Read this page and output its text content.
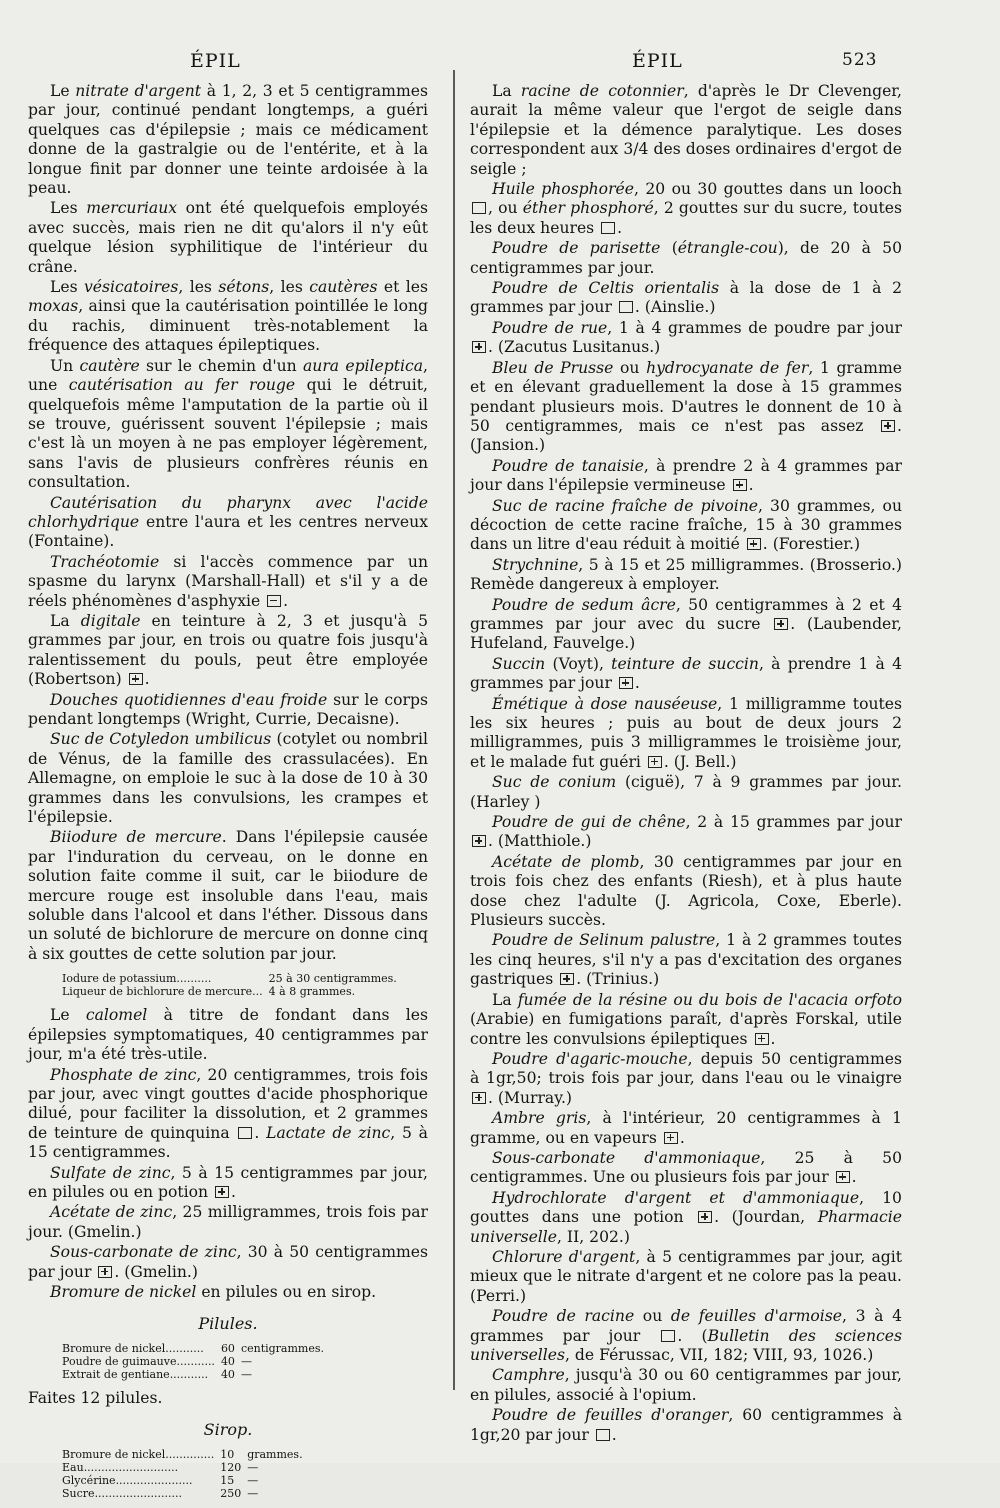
ÉPIL	ÉPIL	523

Le nitrate d'argent à 1, 2, 3 et 5 centigrammes par jour, continué pendant longtemps, a guéri quelques cas d'épilepsie ; mais ce médicament donne de la gastralgie ou de l'entérite, et à la longue finit par donner une teinte ardoisée à la peau.

Les mercuriaux ont été quelquefois employés avec succès, mais rien ne dit qu'alors il n'y eût quelque lésion syphilitique de l'intérieur du crâne.

Les vésicatoires, les sétons, les cautères et les moxas, ainsi que la cautérisation pointillée le long du rachis, diminuent très-notablement la fréquence des attaques épileptiques.

Un cautère sur le chemin d'un aura epileptica, une cautérisation au fer rouge qui le détruit, quelquefois même l'amputation de la partie où il se trouve, guérissent souvent l'épilepsie ; mais c'est là un moyen à ne pas employer légèrement, sans l'avis de plusieurs confrères réunis en consultation.

Cautérisation du pharynx avec l'acide chlorhydrique entre l'aura et les centres nerveux (Fontaine).

Trachéotomie si l'accès commence par un spasme du larynx (Marshall-Hall) et s'il y a de réels phénomènes d'asphyxie .

La digitale en teinture à 2, 3 et jusqu'à 5 grammes par jour, en trois ou quatre fois jusqu'à ralentissement du pouls, peut être employée (Robertson) .

Douches quotidiennes d'eau froide sur le corps pendant longtemps (Wright, Currie, Decaisne).

Suc de Cotyledon umbilicus (cotylet ou nombril de Vénus, de la famille des crassulacées). En Allemagne, on emploie le suc à la dose de 10 à 30 grammes dans les convulsions, les crampes et l'épilepsie.

Biiodure de mercure. Dans l'épilepsie causée par l'induration du cerveau, on le donne en solution faite comme il suit, car le biiodure de mercure rouge est insoluble dans l'eau, mais soluble dans l'alcool et dans l'éther. Dissous dans un soluté de bichlorure de mercure on donne cinq à six gouttes de cette solution par jour.

Iodure de potassium..........	25 à 30 centigrammes.
Liqueur de bichlorure de mercure...	4 à 8 grammes.

Le calomel à titre de fondant dans les épilepsies symptomatiques, 40 centigrammes par jour, m'a été très-utile.

Phosphate de zinc, 20 centigrammes, trois fois par jour, avec vingt gouttes d'acide phosphorique dilué, pour faciliter la dissolution, et 2 grammes de teinture de quinquina . Lactate de zinc, 5 à 15 centigrammes.

Sulfate de zinc, 5 à 15 centigrammes par jour, en pilules ou en potion .

Acétate de zinc, 25 milligrammes, trois fois par jour. (Gmelin.)

Sous-carbonate de zinc, 30 à 50 centigrammes par jour . (Gmelin.)

Bromure de nickel en pilules ou en sirop.

Pilules.
Bromure de nickel...........	60	centigrammes.
Poudre de guimauve...........	40	—
Extrait de gentiane...........	40	—

Faites 12 pilules.

Sirop.
Bromure de nickel..............	10	grammes.
Eau...........................	120	—
Glycérine......................	15	—
Sucre.........................	250	—

La racine de cotonnier, d'après le Dr Clevenger, aurait la même valeur que l'ergot de seigle dans l'épilepsie et la démence paralytique. Les doses correspondent aux 3/4 des doses ordinaires d'ergot de seigle ;

Huile phosphorée, 20 ou 30 gouttes dans un looch , ou éther phosphoré, 2 gouttes sur du sucre, toutes les deux heures .

Poudre de parisette (étrangle-cou), de 20 à 50 centigrammes par jour.

Poudre de Celtis orientalis à la dose de 1 à 2 grammes par jour . (Ainslie.)

Poudre de rue, 1 à 4 grammes de poudre par jour . (Zacutus Lusitanus.)

Bleu de Prusse ou hydrocyanate de fer, 1 gramme et en élevant graduellement la dose à 15 grammes pendant plusieurs mois. D'autres le donnent de 10 à 50 centigrammes, mais ce n'est pas assez . (Jansion.)

Poudre de tanaisie, à prendre 2 à 4 grammes par jour dans l'épilepsie vermineuse .

Suc de racine fraîche de pivoine, 30 grammes, ou décoction de cette racine fraîche, 15 à 30 grammes dans un litre d'eau réduit à moitié . (Forestier.)

Strychnine, 5 à 15 et 25 milligrammes. (Brosserio.) Remède dangereux à employer.

Poudre de sedum âcre, 50 centigrammes à 2 et 4 grammes par jour avec du sucre . (Laubender, Hufeland, Fauvelge.)

Succin (Voyt), teinture de succin, à prendre 1 à 4 grammes par jour .

Émétique à dose nauséeuse, 1 milligramme toutes les six heures ; puis au bout de deux jours 2 milligrammes, puis 3 milligrammes le troisième jour, et le malade fut guéri . (J. Bell.)

Suc de conium (ciguë), 7 à 9 grammes par jour. (Harley )

Poudre de gui de chêne, 2 à 15 grammes par jour . (Matthiole.)

Acétate de plomb, 30 centigrammes par jour en trois fois chez des enfants (Riesh), et à plus haute dose chez l'adulte (J. Agricola, Coxe, Eberle). Plusieurs succès.

Poudre de Selinum palustre, 1 à 2 grammes toutes les cinq heures, s'il n'y a pas d'excitation des organes gastriques . (Trinius.)

La fumée de la résine ou du bois de l'acacia orfoto (Arabie) en fumigations paraît, d'après Forskal, utile contre les convulsions épileptiques .

Poudre d'agaric-mouche, depuis 50 centigrammes à 1gr,50; trois fois par jour, dans l'eau ou le vinaigre . (Murray.)

Ambre gris, à l'intérieur, 20 centigrammes à 1 gramme, ou en vapeurs .

Sous-carbonate d'ammoniaque, 25 à 50 centigrammes. Une ou plusieurs fois par jour .

Hydrochlorate d'argent et d'ammoniaque, 10 gouttes dans une potion . (Jourdan, Pharmacie universelle, II, 202.)

Chlorure d'argent, à 5 centigrammes par jour, agit mieux que le nitrate d'argent et ne colore pas la peau. (Perri.)

Poudre de racine ou de feuilles d'armoise, 3 à 4 grammes par jour . (Bulletin des sciences universelles, de Férussac, VII, 182; VIII, 93, 1026.)

Camphre, jusqu'à 30 ou 60 centigrammes par jour, en pilules, associé à l'opium.

Poudre de feuilles d'oranger, 60 centigrammes à 1gr,20 par jour .
